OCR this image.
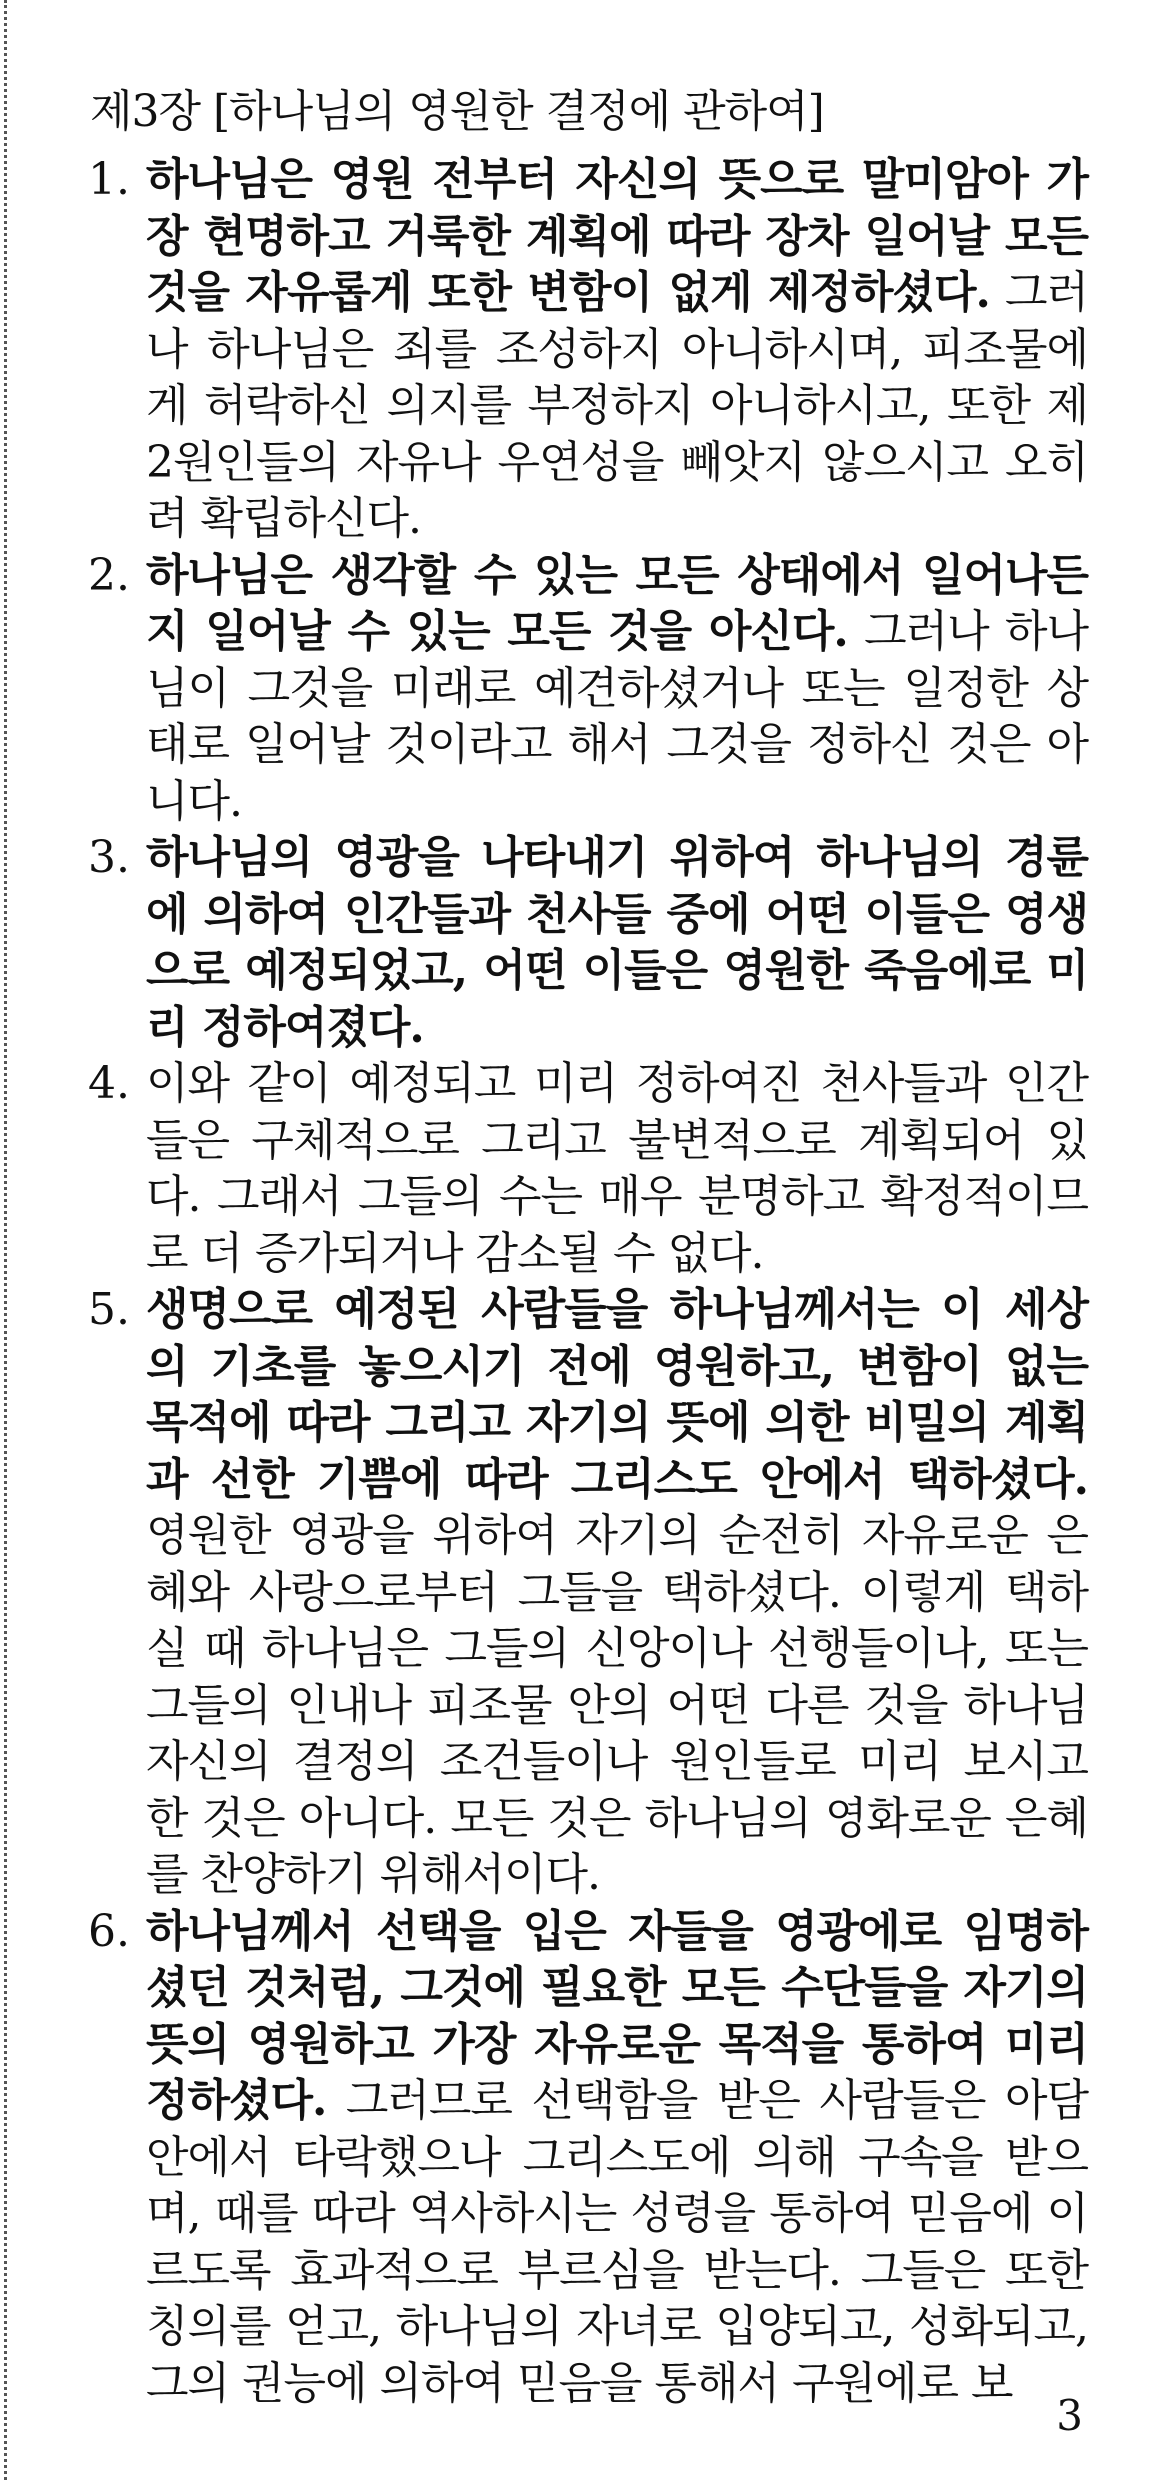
제3장 [하나님의 영원한 결정에 관하여]
1. 하나님은 영원 전부터 자신의 뜻으로 말미암아 가장 현명하고 거룩한 계획에 따라 장차 일어날 모든 것을 자유롭게 또한 변함이 없게 제정하셨다. 그러나 하나님은 죄를 조성하지 아니하시며, 피조물에게 허락하신 의지를 부정하지 아니하시고, 또한 제2원인들의 자유나 우연성을 빼앗지 않으시고 오히려 확립하신다.
2. 하나님은 생각할 수 있는 모든 상태에서 일어나든지 일어날 수 있는 모든 것을 아신다. 그러나 하나님이 그것을 미래로 예견하셨거나 또는 일정한 상태로 일어날 것이라고 해서 그것을 정하신 것은 아니다.
3. 하나님의 영광을 나타내기 위하여 하나님의 경륜에 의하여 인간들과 천사들 중에 어떤 이들은 영생으로 예정되었고, 어떤 이들은 영원한 죽음에로 미리 정하여졌다.
4. 이와 같이 예정되고 미리 정하여진 천사들과 인간들은 구체적으로 그리고 불변적으로 계획되어 있다. 그래서 그들의 수는 매우 분명하고 확정적이므로 더 증가되거나 감소될 수 없다.
5. 생명으로 예정된 사람들을 하나님께서는 이 세상의 기초를 놓으시기 전에 영원하고, 변함이 없는 목적에 따라 그리고 자기의 뜻에 의한 비밀의 계획과 선한 기쁨에 따라 그리스도 안에서 택하셨다. 영원한 영광을 위하여 자기의 순전히 자유로운 은혜와 사랑으로부터 그들을 택하셨다. 이렇게 택하실 때 하나님은 그들의 신앙이나 선행들이나, 또는 그들의 인내나 피조물 안의 어떤 다른 것을 하나님 자신의 결정의 조건들이나 원인들로 미리 보시고 한 것은 아니다. 모든 것은 하나님의 영화로운 은혜를 찬양하기 위해서이다.
6. 하나님께서 선택을 입은 자들을 영광에로 임명하셨던 것처럼, 그것에 필요한 모든 수단들을 자기의 뜻의 영원하고 가장 자유로운 목적을 통하여 미리 정하셨다. 그러므로 선택함을 받은 사람들은 아담 안에서 타락했으나 그리스도에 의해 구속을 받으며, 때를 따라 역사하시는 성령을 통하여 믿음에 이르도록 효과적으로 부르심을 받는다. 그들은 또한 칭의를 얻고, 하나님의 자녀로 입양되고, 성화되고, 그의 권능에 의하여 믿음을 통해서 구원에로 보
3
